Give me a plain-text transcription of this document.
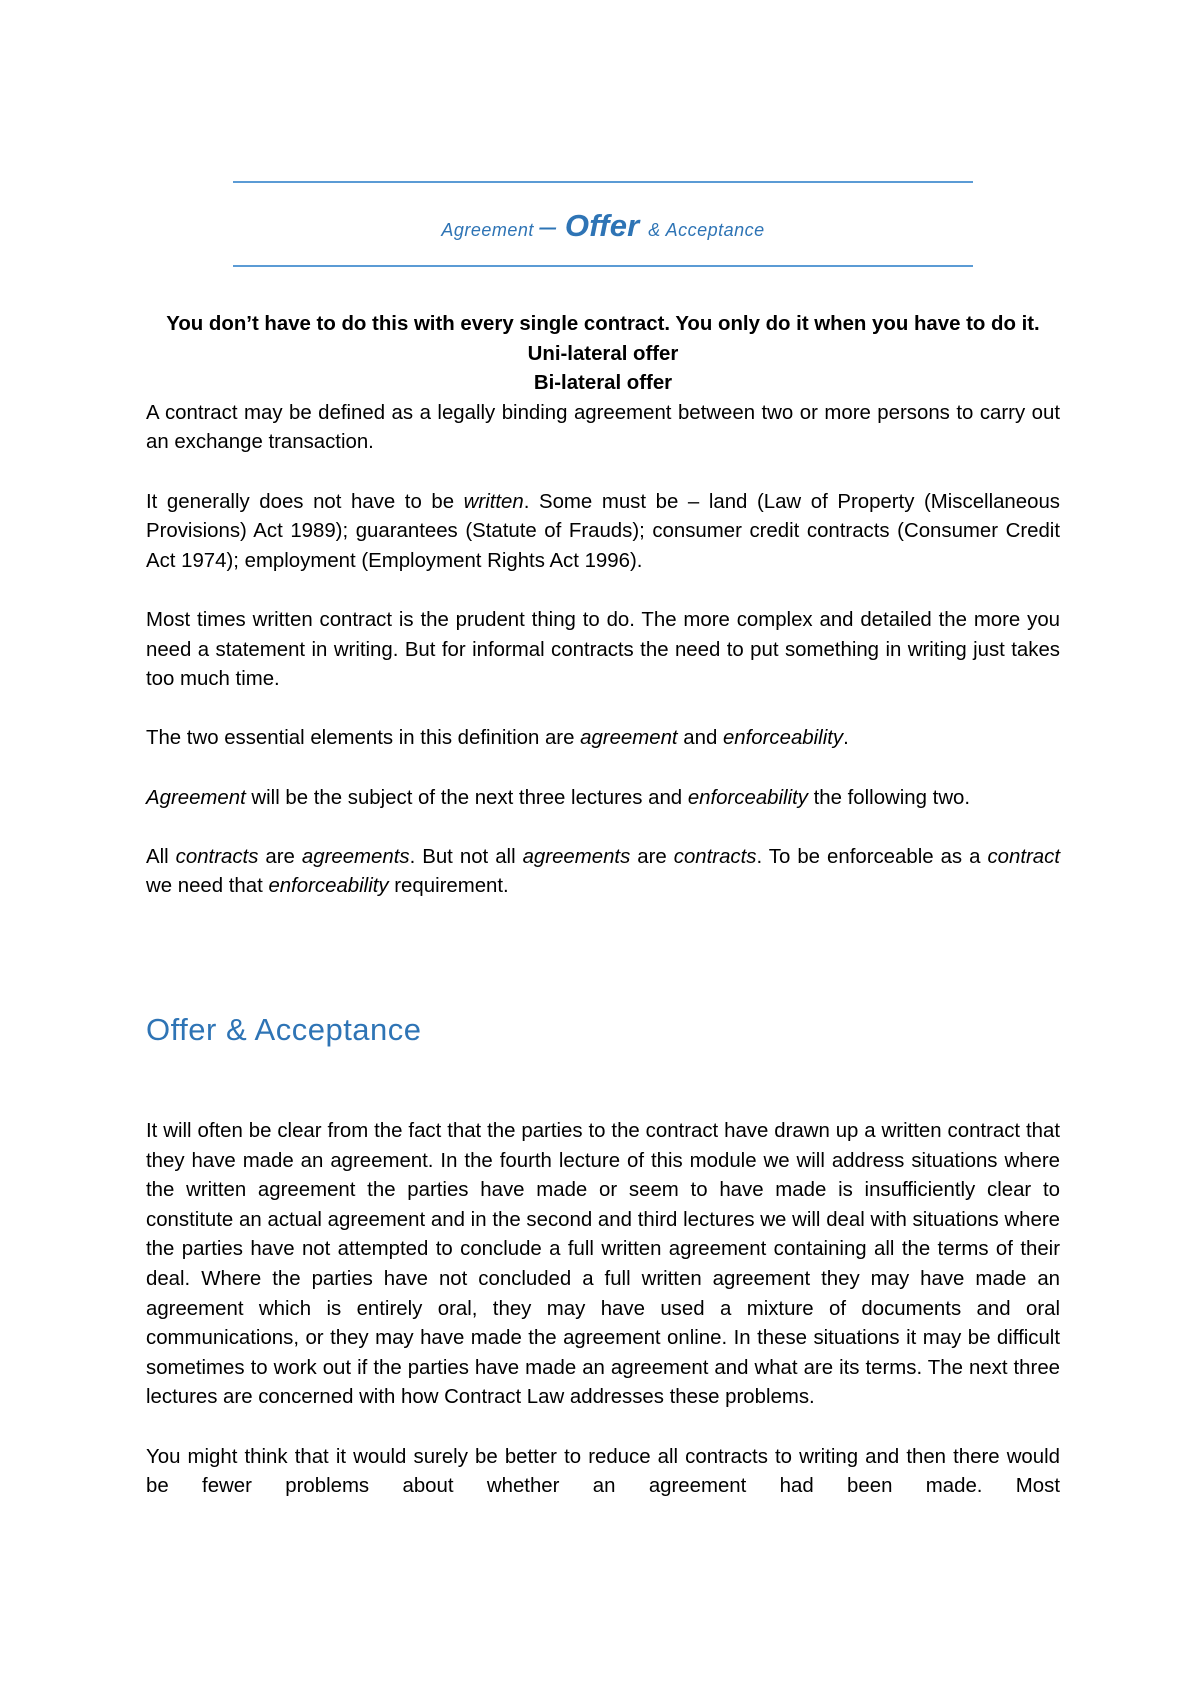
Agreement – Offer & Acceptance

You don’t have to do this with every single contract. You only do it when you have to do it.

Uni-lateral offer

Bi-lateral offer

A contract may be defined as a legally binding agreement between two or more persons to carry out an exchange transaction.

It generally does not have to be written. Some must be – land (Law of Property (Miscellaneous Provisions) Act 1989); guarantees (Statute of Frauds); consumer credit contracts (Consumer Credit Act 1974); employment (Employment Rights Act 1996).

Most times written contract is the prudent thing to do. The more complex and detailed the more you need a statement in writing. But for informal contracts the need to put something in writing just takes too much time.

The two essential elements in this definition are agreement and enforceability.

Agreement will be the subject of the next three lectures and enforceability the following two.

All contracts are agreements. But not all agreements are contracts. To be enforceable as a contract we need that enforceability requirement.

Offer & Acceptance

It will often be clear from the fact that the parties to the contract have drawn up a written contract that they have made an agreement. In the fourth lecture of this module we will address situations where the written agreement the parties have made or seem to have made is insufficiently clear to constitute an actual agreement and in the second and third lectures we will deal with situations where the parties have not attempted to conclude a full written agreement containing all the terms of their deal. Where the parties have not concluded a full written agreement they may have made an agreement which is entirely oral, they may have used a mixture of documents and oral communications, or they may have made the agreement online. In these situations it may be difficult sometimes to work out if the parties have made an agreement and what are its terms. The next three lectures are concerned with how Contract Law addresses these problems.

You might think that it would surely be better to reduce all contracts to writing and then there would be fewer problems about whether an agreement had been made. Most
